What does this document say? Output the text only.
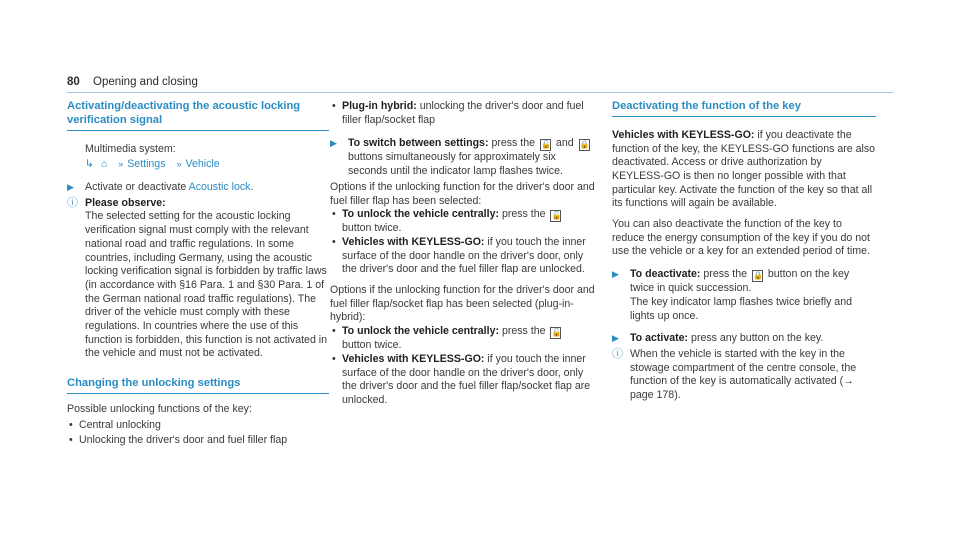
80 Opening and closing
Activating/deactivating the acoustic locking verification signal

Multimedia system:

↳ ⌂ » Settings » Vehicle

▶ Activate or deactivate Acoustic lock.

ⓘ Please observe:

The selected setting for the acoustic locking verification signal must comply with the relevant national road and traffic regulations. In some countries, including Germany, using the acoustic locking verification signal is forbidden by traffic laws (in accordance with §16 Para. 1 and §30 Para. 1 of the German national road traffic regulations). The driver of the vehicle must comply with these regulations. In countries where the use of this function is forbidden, this function is not activated in the vehicle and must not be activated.

Changing the unlocking settings

Possible unlocking functions of the key:

• Central unlocking

• Unlocking the driver's door and fuel filler flap

• Plug-in hybrid: unlocking the driver's door and fuel filler flap/socket flap

▶ To switch between settings: press the 🔓 and 🔒 buttons simultaneously for approximately six seconds until the indicator lamp flashes twice.

Options if the unlocking function for the driver's door and fuel filler flap has been selected:

• To unlock the vehicle centrally: press the 🔓 button twice.

• Vehicles with KEYLESS-GO: if you touch the inner surface of the door handle on the driver's door, only the driver's door and the fuel filler flap are unlocked.

Options if the unlocking function for the driver's door and fuel filler flap/socket flap has been selected (plug-in-hybrid):

• To unlock the vehicle centrally: press the 🔓 button twice.

• Vehicles with KEYLESS-GO: if you touch the inner surface of the door handle on the driver's door, only the driver's door and the fuel filler flap/socket flap are unlocked.

Deactivating the function of the key

Vehicles with KEYLESS-GO: if you deactivate the function of the key, the KEYLESS-GO functions are also deactivated. Access or drive authorization by KEYLESS-GO is then no longer possible with that particular key. Activate the function of the key so that all its functions will again be available.

You can also deactivate the function of the key to reduce the energy consumption of the key if you do not use the vehicle or a key for an extended period of time.

▶ To deactivate: press the 🔒 button on the key twice in quick succession.

The key indicator lamp flashes twice briefly and lights up once.

▶ To activate: press any button on the key.

ⓘ When the vehicle is started with the key in the stowage compartment of the centre console, the function of the key is automatically activated (→ page 178).
